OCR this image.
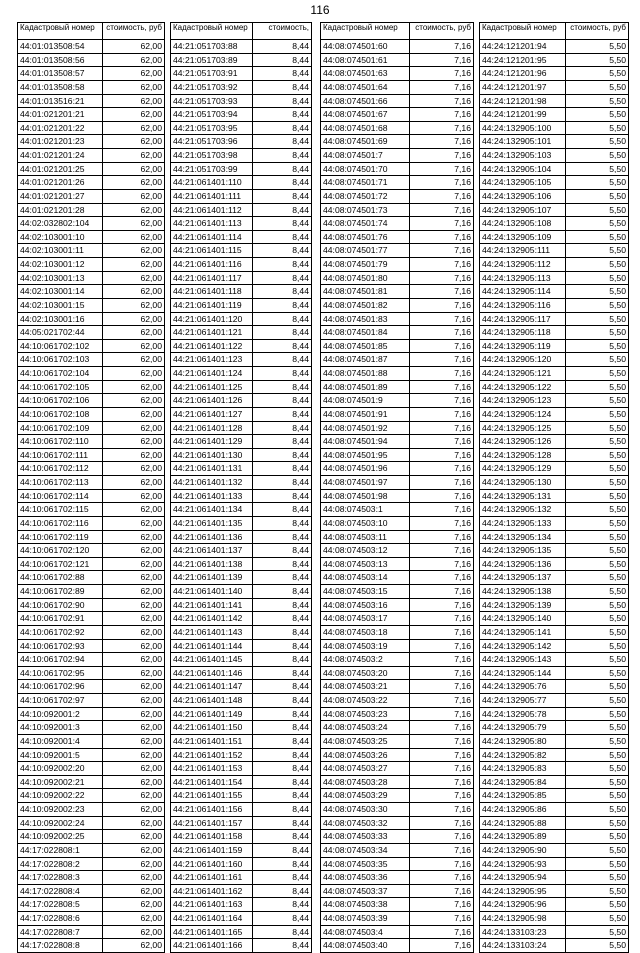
116
Кадастровый номер	стоимость, руб
44:01:013508:54	62,00
44:01:013508:56	62,00
44:01:013508:57	62,00
44:01:013508:58	62,00
44:01:013516:21	62,00
44:01:021201:21	62,00
44:01:021201:22	62,00
44:01:021201:23	62,00
44:01:021201:24	62,00
44:01:021201:25	62,00
44:01:021201:26	62,00
44:01:021201:27	62,00
44:01:021201:28	62,00
44:02:032802:104	62,00
44:02:103001:10	62,00
44:02:103001:11	62,00
44:02:103001:12	62,00
44:02:103001:13	62,00
44:02:103001:14	62,00
44:02:103001:15	62,00
44:02:103001:16	62,00
44:05:021702:44	62,00
44:10:061702:102	62,00
44:10:061702:103	62,00
44:10:061702:104	62,00
44:10:061702:105	62,00
44:10:061702:106	62,00
44:10:061702:108	62,00
44:10:061702:109	62,00
44:10:061702:110	62,00
44:10:061702:111	62,00
44:10:061702:112	62,00
44:10:061702:113	62,00
44:10:061702:114	62,00
44:10:061702:115	62,00
44:10:061702:116	62,00
44:10:061702:119	62,00
44:10:061702:120	62,00
44:10:061702:121	62,00
44:10:061702:88	62,00
44:10:061702:89	62,00
44:10:061702:90	62,00
44:10:061702:91	62,00
44:10:061702:92	62,00
44:10:061702:93	62,00
44:10:061702:94	62,00
44:10:061702:95	62,00
44:10:061702:96	62,00
44:10:061702:97	62,00
44:10:092001:2	62,00
44:10:092001:3	62,00
44:10:092001:4	62,00
44:10:092001:5	62,00
44:10:092002:20	62,00
44:10:092002:21	62,00
44:10:092002:22	62,00
44:10:092002:23	62,00
44:10:092002:24	62,00
44:10:092002:25	62,00
44:17:022808:1	62,00
44:17:022808:2	62,00
44:17:022808:3	62,00
44:17:022808:4	62,00
44:17:022808:5	62,00
44:17:022808:6	62,00
44:17:022808:7	62,00
44:17:022808:8	62,00
Кадастровый номер	стоимость,
44:21:051703:88	8,44
44:21:051703:89	8,44
44:21:051703:91	8,44
44:21:051703:92	8,44
44:21:051703:93	8,44
44:21:051703:94	8,44
44:21:051703:95	8,44
44:21:051703:96	8,44
44:21:051703:98	8,44
44:21:051703:99	8,44
44:21:061401:110	8,44
44:21:061401:111	8,44
44:21:061401:112	8,44
44:21:061401:113	8,44
44:21:061401:114	8,44
44:21:061401:115	8,44
44:21:061401:116	8,44
44:21:061401:117	8,44
44:21:061401:118	8,44
44:21:061401:119	8,44
44:21:061401:120	8,44
44:21:061401:121	8,44
44:21:061401:122	8,44
44:21:061401:123	8,44
44:21:061401:124	8,44
44:21:061401:125	8,44
44:21:061401:126	8,44
44:21:061401:127	8,44
44:21:061401:128	8,44
44:21:061401:129	8,44
44:21:061401:130	8,44
44:21:061401:131	8,44
44:21:061401:132	8,44
44:21:061401:133	8,44
44:21:061401:134	8,44
44:21:061401:135	8,44
44:21:061401:136	8,44
44:21:061401:137	8,44
44:21:061401:138	8,44
44:21:061401:139	8,44
44:21:061401:140	8,44
44:21:061401:141	8,44
44:21:061401:142	8,44
44:21:061401:143	8,44
44:21:061401:144	8,44
44:21:061401:145	8,44
44:21:061401:146	8,44
44:21:061401:147	8,44
44:21:061401:148	8,44
44:21:061401:149	8,44
44:21:061401:150	8,44
44:21:061401:151	8,44
44:21:061401:152	8,44
44:21:061401:153	8,44
44:21:061401:154	8,44
44:21:061401:155	8,44
44:21:061401:156	8,44
44:21:061401:157	8,44
44:21:061401:158	8,44
44:21:061401:159	8,44
44:21:061401:160	8,44
44:21:061401:161	8,44
44:21:061401:162	8,44
44:21:061401:163	8,44
44:21:061401:164	8,44
44:21:061401:165	8,44
44:21:061401:166	8,44
Кадастровый номер	стоимость, руб
44:08:074501:60	7,16
44:08:074501:61	7,16
44:08:074501:63	7,16
44:08:074501:64	7,16
44:08:074501:66	7,16
44:08:074501:67	7,16
44:08:074501:68	7,16
44:08:074501:69	7,16
44:08:074501:7	7,16
44:08:074501:70	7,16
44:08:074501:71	7,16
44:08:074501:72	7,16
44:08:074501:73	7,16
44:08:074501:74	7,16
44:08:074501:76	7,16
44:08:074501:77	7,16
44:08:074501:79	7,16
44:08:074501:80	7,16
44:08:074501:81	7,16
44:08:074501:82	7,16
44:08:074501:83	7,16
44:08:074501:84	7,16
44:08:074501:85	7,16
44:08:074501:87	7,16
44:08:074501:88	7,16
44:08:074501:89	7,16
44:08:074501:9	7,16
44:08:074501:91	7,16
44:08:074501:92	7,16
44:08:074501:94	7,16
44:08:074501:95	7,16
44:08:074501:96	7,16
44:08:074501:97	7,16
44:08:074501:98	7,16
44:08:074503:1	7,16
44:08:074503:10	7,16
44:08:074503:11	7,16
44:08:074503:12	7,16
44:08:074503:13	7,16
44:08:074503:14	7,16
44:08:074503:15	7,16
44:08:074503:16	7,16
44:08:074503:17	7,16
44:08:074503:18	7,16
44:08:074503:19	7,16
44:08:074503:2	7,16
44:08:074503:20	7,16
44:08:074503:21	7,16
44:08:074503:22	7,16
44:08:074503:23	7,16
44:08:074503:24	7,16
44:08:074503:25	7,16
44:08:074503:26	7,16
44:08:074503:27	7,16
44:08:074503:28	7,16
44:08:074503:29	7,16
44:08:074503:30	7,16
44:08:074503:32	7,16
44:08:074503:33	7,16
44:08:074503:34	7,16
44:08:074503:35	7,16
44:08:074503:36	7,16
44:08:074503:37	7,16
44:08:074503:38	7,16
44:08:074503:39	7,16
44:08:074503:4	7,16
44:08:074503:40	7,16
Кадастровый номер	стоимость, руб
44:24:121201:94	5,50
44:24:121201:95	5,50
44:24:121201:96	5,50
44:24:121201:97	5,50
44:24:121201:98	5,50
44:24:121201:99	5,50
44:24:132905:100	5,50
44:24:132905:101	5,50
44:24:132905:103	5,50
44:24:132905:104	5,50
44:24:132905:105	5,50
44:24:132905:106	5,50
44:24:132905:107	5,50
44:24:132905:108	5,50
44:24:132905:109	5,50
44:24:132905:111	5,50
44:24:132905:112	5,50
44:24:132905:113	5,50
44:24:132905:114	5,50
44:24:132905:116	5,50
44:24:132905:117	5,50
44:24:132905:118	5,50
44:24:132905:119	5,50
44:24:132905:120	5,50
44:24:132905:121	5,50
44:24:132905:122	5,50
44:24:132905:123	5,50
44:24:132905:124	5,50
44:24:132905:125	5,50
44:24:132905:126	5,50
44:24:132905:128	5,50
44:24:132905:129	5,50
44:24:132905:130	5,50
44:24:132905:131	5,50
44:24:132905:132	5,50
44:24:132905:133	5,50
44:24:132905:134	5,50
44:24:132905:135	5,50
44:24:132905:136	5,50
44:24:132905:137	5,50
44:24:132905:138	5,50
44:24:132905:139	5,50
44:24:132905:140	5,50
44:24:132905:141	5,50
44:24:132905:142	5,50
44:24:132905:143	5,50
44:24:132905:144	5,50
44:24:132905:76	5,50
44:24:132905:77	5,50
44:24:132905:78	5,50
44:24:132905:79	5,50
44:24:132905:80	5,50
44:24:132905:82	5,50
44:24:132905:83	5,50
44:24:132905:84	5,50
44:24:132905:85	5,50
44:24:132905:86	5,50
44:24:132905:88	5,50
44:24:132905:89	5,50
44:24:132905:90	5,50
44:24:132905:93	5,50
44:24:132905:94	5,50
44:24:132905:95	5,50
44:24:132905:96	5,50
44:24:132905:98	5,50
44:24:133103:23	5,50
44:24:133103:24	5,50
